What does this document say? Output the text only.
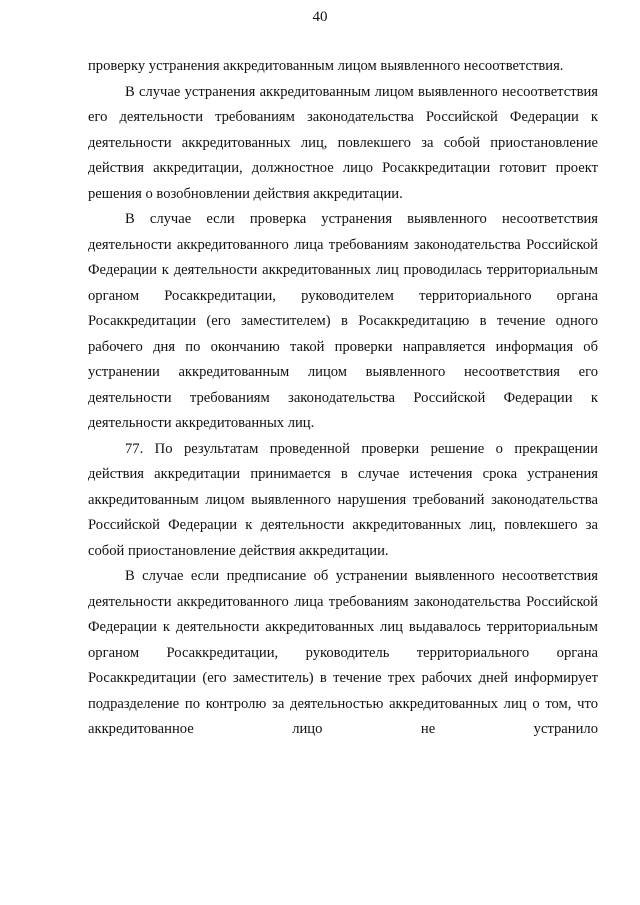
40

проверку устранения аккредитованным лицом выявленного несоответствия.

В случае устранения аккредитованным лицом выявленного несоответствия его деятельности требованиям законодательства Российской Федерации к деятельности аккредитованных лиц, повлекшего за собой приостановление действия аккредитации, должностное лицо Росаккредитации готовит проект решения о возобновлении действия аккредитации.

В случае если проверка устранения выявленного несоответствия деятельности аккредитованного лица требованиям законодательства Российской Федерации к деятельности аккредитованных лиц проводилась территориальным органом Росаккредитации, руководителем территориального органа Росаккредитации (его заместителем) в Росаккредитацию в течение одного рабочего дня по окончанию такой проверки направляется информация об устранении аккредитованным лицом выявленного несоответствия его деятельности требованиям законодательства Российской Федерации к деятельности аккредитованных лиц.

77. По результатам проведенной проверки решение о прекращении действия аккредитации принимается в случае истечения срока устранения аккредитованным лицом выявленного нарушения требований законодательства Российской Федерации к деятельности аккредитованных лиц, повлекшего за собой приостановление действия аккредитации.

В случае если предписание об устранении выявленного несоответствия деятельности аккредитованного лица требованиям законодательства Российской Федерации к деятельности аккредитованных лиц выдавалось территориальным органом Росаккредитации, руководитель территориального органа Росаккредитации (его заместитель) в течение трех рабочих дней информирует подразделение по контролю за деятельностью аккредитованных лиц о том, что аккредитованное лицо не устранило
